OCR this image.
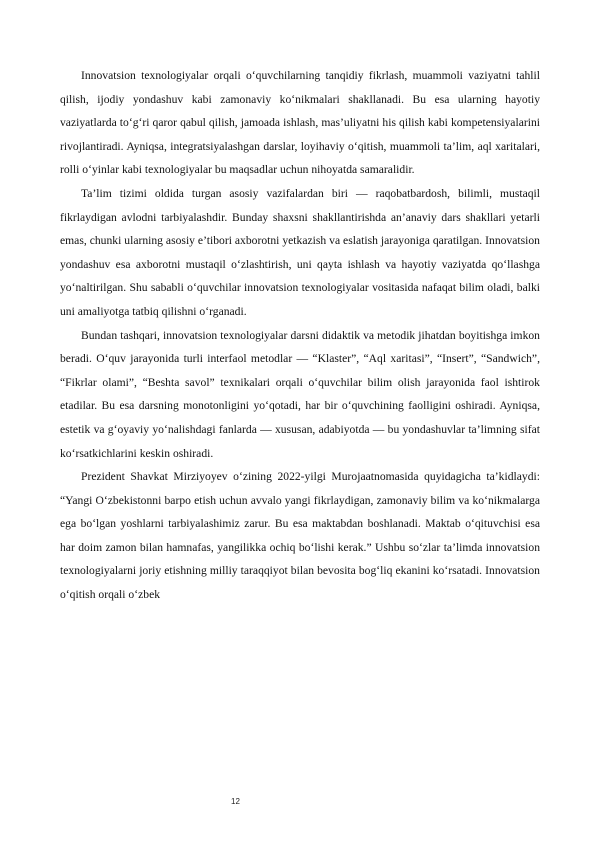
Innovatsion texnologiyalar orqali o‘quvchilarning tanqidiy fikrlash, muammoli vaziyatni tahlil qilish, ijodiy yondashuv kabi zamonaviy ko‘nikmalari shakllanadi. Bu esa ularning hayotiy vaziyatlarda to‘g‘ri qaror qabul qilish, jamoada ishlash, mas’uliyatni his qilish kabi kompetensiyalarini rivojlantiradi. Ayniqsa, integratsiyalashgan darslar, loyihaviy o‘qitish, muammoli ta’lim, aql xaritalari, rolli o‘yinlar kabi texnologiyalar bu maqsadlar uchun nihoyatda samaralidir.

Ta’lim tizimi oldida turgan asosiy vazifalardan biri — raqobatbardosh, bilimli, mustaqil fikrlaydigan avlodni tarbiyalashdir. Bunday shaxsni shakllantirishda an’anaviy dars shakllari yetarli emas, chunki ularning asosiy e’tibori axborotni yetkazish va eslatish jarayoniga qaratilgan. Innovatsion yondashuv esa axborotni mustaqil o‘zlashtirish, uni qayta ishlash va hayotiy vaziyatda qo‘llashga yo‘naltirilgan. Shu sababli o‘quvchilar innovatsion texnologiyalar vositasida nafaqat bilim oladi, balki uni amaliyotga tatbiq qilishni o‘rganadi.

Bundan tashqari, innovatsion texnologiyalar darsni didaktik va metodik jihatdan boyitishga imkon beradi. O‘quv jarayonida turli interfaol metodlar — “Klaster”, “Aql xaritasi”, “Insert”, “Sandwich”, “Fikrlar olami”, “Beshta savol” texnikalari orqali o‘quvchilar bilim olish jarayonida faol ishtirok etadilar. Bu esa darsning monotonligini yo‘qotadi, har bir o‘quvchining faolligini oshiradi. Ayniqsa, estetik va g‘oyaviy yo‘nalishdagi fanlarda — xususan, adabiyotda — bu yondashuvlar ta’limning sifat ko‘rsatkichlarini keskin oshiradi.

Prezident Shavkat Mirziyoyev o‘zining 2022-yilgi Murojaatnomasida quyidagicha ta’kidlaydi: “Yangi O‘zbekistonni barpo etish uchun avvalo yangi fikrlaydigan, zamonaviy bilim va ko‘nikmalarga ega bo‘lgan yoshlarni tarbiyalashimiz zarur. Bu esa maktabdan boshlanadi. Maktab o‘qituvchisi esa har doim zamon bilan hamnafas, yangilikka ochiq bo‘lishi kerak.” Ushbu so‘zlar ta’limda innovatsion texnologiyalarni joriy etishning milliy taraqqiyot bilan bevosita bog‘liq ekanini ko‘rsatadi. Innovatsion o‘qitish orqali o‘zbek

12
